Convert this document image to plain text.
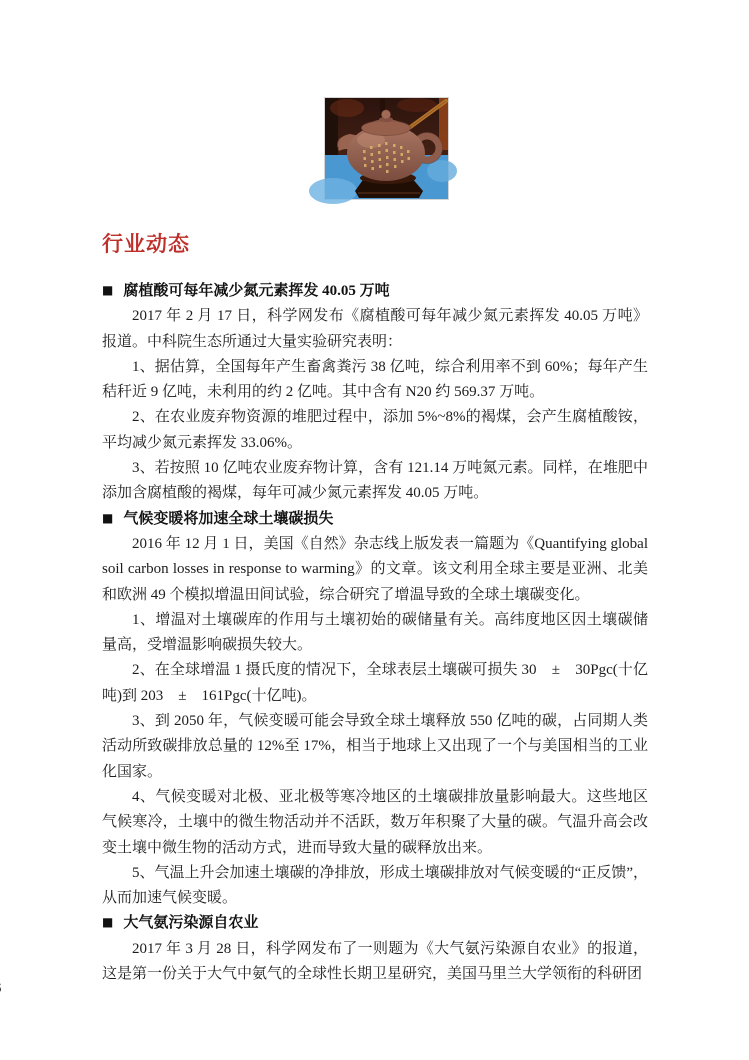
行业动态
■ 腐植酸可每年减少氮元素挥发 40.05 万吨

2017 年 2 月 17 日，科学网发布《腐植酸可每年减少氮元素挥发 40.05 万吨》报道。中科院生态所通过大量实验研究表明：

1、据估算，全国每年产生畜禽粪污 38 亿吨，综合利用率不到 60%；每年产生秸秆近 9 亿吨，未利用的约 2 亿吨。其中含有 N20 约 569.37 万吨。

2、在农业废弃物资源的堆肥过程中，添加 5%~8%的褐煤，会产生腐植酸铵，平均减少氮元素挥发 33.06%。

3、若按照 10 亿吨农业废弃物计算，含有 121.14 万吨氮元素。同样，在堆肥中添加含腐植酸的褐煤，每年可减少氮元素挥发 40.05 万吨。

■ 气候变暖将加速全球土壤碳损失

2016 年 12 月 1 日，美国《自然》杂志线上版发表一篇题为《Quantifying global soil carbon losses in response to warming》的文章。该文利用全球主要是亚洲、北美和欧洲 49 个模拟增温田间试验，综合研究了增温导致的全球土壤碳变化。

1、增温对土壤碳库的作用与土壤初始的碳储量有关。高纬度地区因土壤碳储量高，受增温影响碳损失较大。

2、在全球增温 1 摄氏度的情况下，全球表层土壤碳可损失 30　±　30Pgc(十亿吨)到 203　±　161Pgc(十亿吨)。

3、到 2050 年，气候变暖可能会导致全球土壤释放 550 亿吨的碳，占同期人类活动所致碳排放总量的 12%至 17%，相当于地球上又出现了一个与美国相当的工业化国家。

4、气候变暖对北极、亚北极等寒冷地区的土壤碳排放量影响最大。这些地区气候寒冷，土壤中的微生物活动并不活跃，数万年积聚了大量的碳。气温升高会改变土壤中微生物的活动方式，进而导致大量的碳释放出来。

5、气温上升会加速土壤碳的净排放，形成土壤碳排放对气候变暖的“正反馈”，从而加速气候变暖。

■ 大气氨污染源自农业

2017 年 3 月 28 日，科学网发布了一则题为《大气氨污染源自农业》的报道，这是第一份关于大气中氨气的全球性长期卫星研究，美国马里兰大学领衔的科研团
